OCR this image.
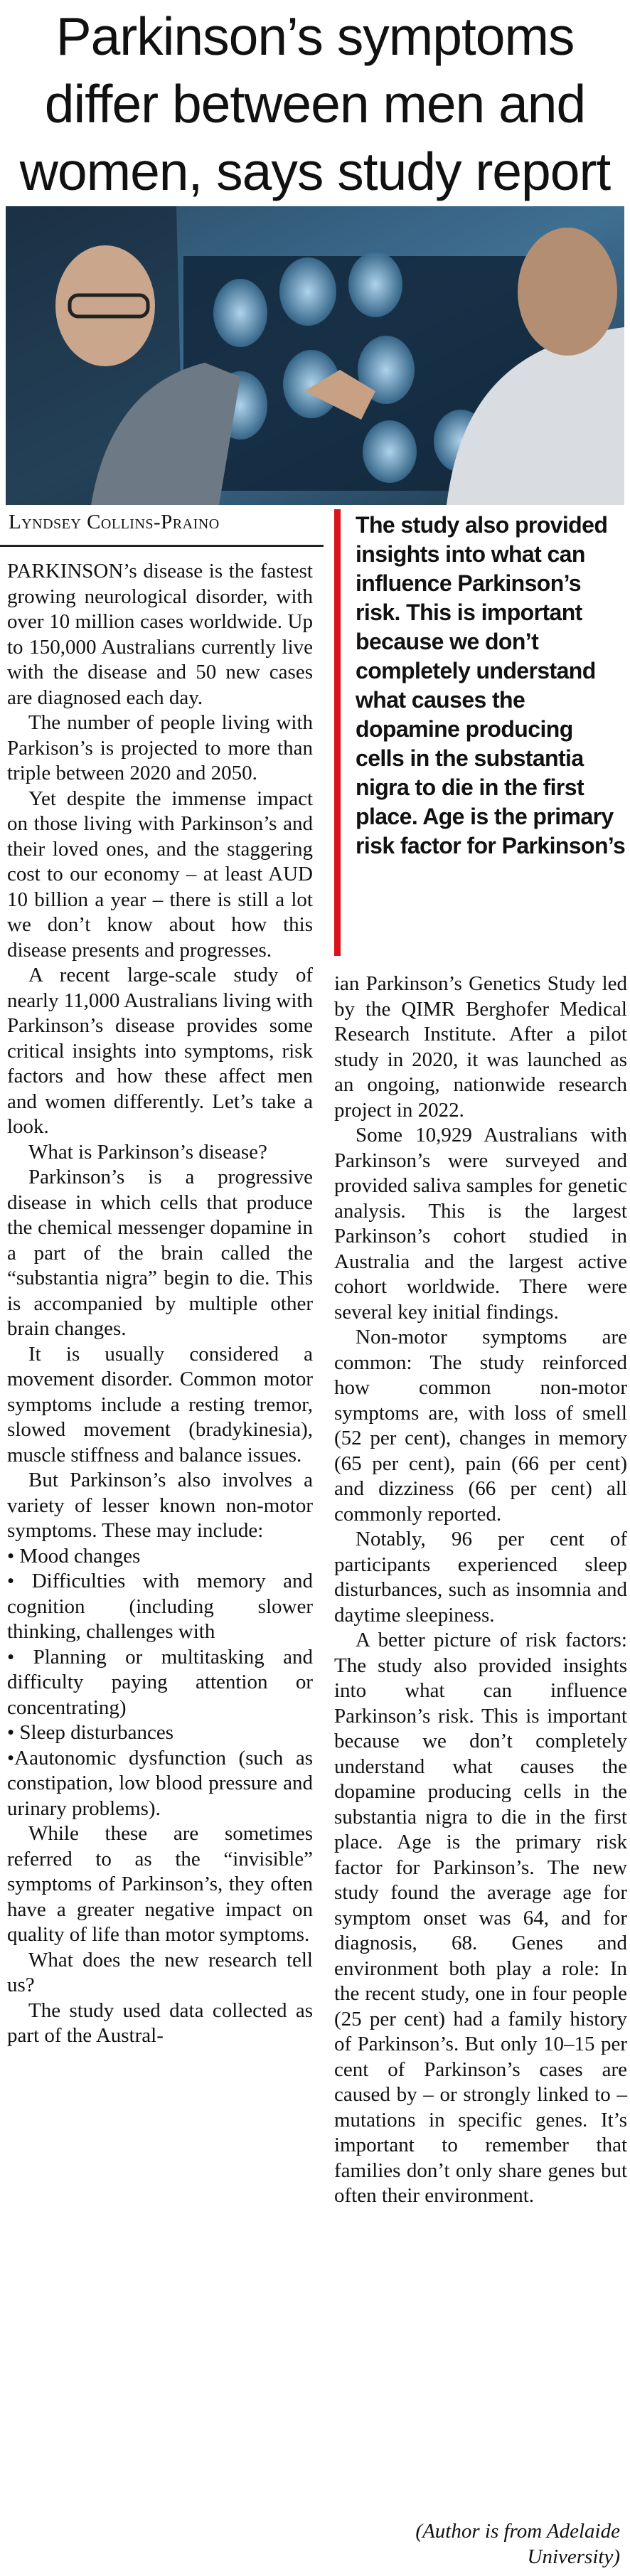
Parkinson’s symptoms
differ between men and
women, says study report
Lyndsey Collins-Praino	The study also provided insights into what can influence Parkinson’s risk. This is important because we don’t completely understand what causes the dopamine producing cells in the substantia nigra to die in the first place. Age is the primary risk factor for Parkinson’s

PARKINSON’s disease is the fastest growing neurological disorder, with over 10 million cases worldwide. Up to 150,000 Australians currently live with the disease and 50 new cases are diagnosed each day.

The number of people living with Parkison’s is projected to more than triple between 2020 and 2050.

Yet despite the immense impact on those living with Parkinson’s and their loved ones, and the staggering cost to our economy – at least AUD 10 billion a year – there is still a lot we don’t know about how this disease presents and progresses.

A recent large-scale study of nearly 11,000 Australians living with Parkinson’s disease provides some critical insights into symptoms, risk factors and how these affect men and women differently. Let’s take a look.

What is Parkinson’s disease?

Parkinson’s is a progressive disease in which cells that produce the chemical messenger dopamine in a part of the brain called the “substantia nigra” begin to die. This is accompanied by multiple other brain changes.

It is usually considered a movement disorder. Common motor symptoms include a resting tremor, slowed movement (bradykinesia), muscle stiffness and balance issues.

But Parkinson’s also involves a variety of lesser known non-motor symptoms. These may include:

• Mood changes

• Difficulties with memory and cognition (including slower thinking, challenges with

• Planning or multitasking and difficulty paying attention or concentrating)

• Sleep disturbances

•Aautonomic dysfunction (such as constipation, low blood pressure and urinary problems).

While these are sometimes referred to as the “invisible” symptoms of Parkinson’s, they often have a greater negative impact on quality of life than motor symptoms.

What does the new research tell us?

The study used data collected as part of the Austral-

ian Parkinson’s Genetics Study led by the QIMR Berghofer Medical Research Institute. After a pilot study in 2020, it was launched as an ongoing, nationwide research project in 2022.

Some 10,929 Australians with Parkinson’s were surveyed and provided saliva samples for genetic analysis. This is the largest Parkinson’s cohort studied in Australia and the largest active cohort worldwide. There were several key initial findings.

Non-motor symptoms are common: The study reinforced how common non-motor symptoms are, with loss of smell (52 per cent), changes in memory (65 per cent), pain (66 per cent) and dizziness (66 per cent) all commonly reported.

Notably, 96 per cent of participants experienced sleep disturbances, such as insomnia and daytime sleepiness.

A better picture of risk factors: The study also provided insights into what can influence Parkinson’s risk. This is important because we don’t completely understand what causes the dopamine producing cells in the substantia nigra to die in the first place. Age is the primary risk factor for Parkinson’s. The new study found the average age for symptom onset was 64, and for diagnosis, 68. Genes and environment both play a role: In the recent study, one in four people (25 per cent) had a family history of Parkinson’s. But only 10–15 per cent of Parkinson’s cases are caused by – or strongly linked to – mutations in specific genes. It’s important to remember that families don’t only share genes but often their environment.

(Author is from Adelaide
University)
